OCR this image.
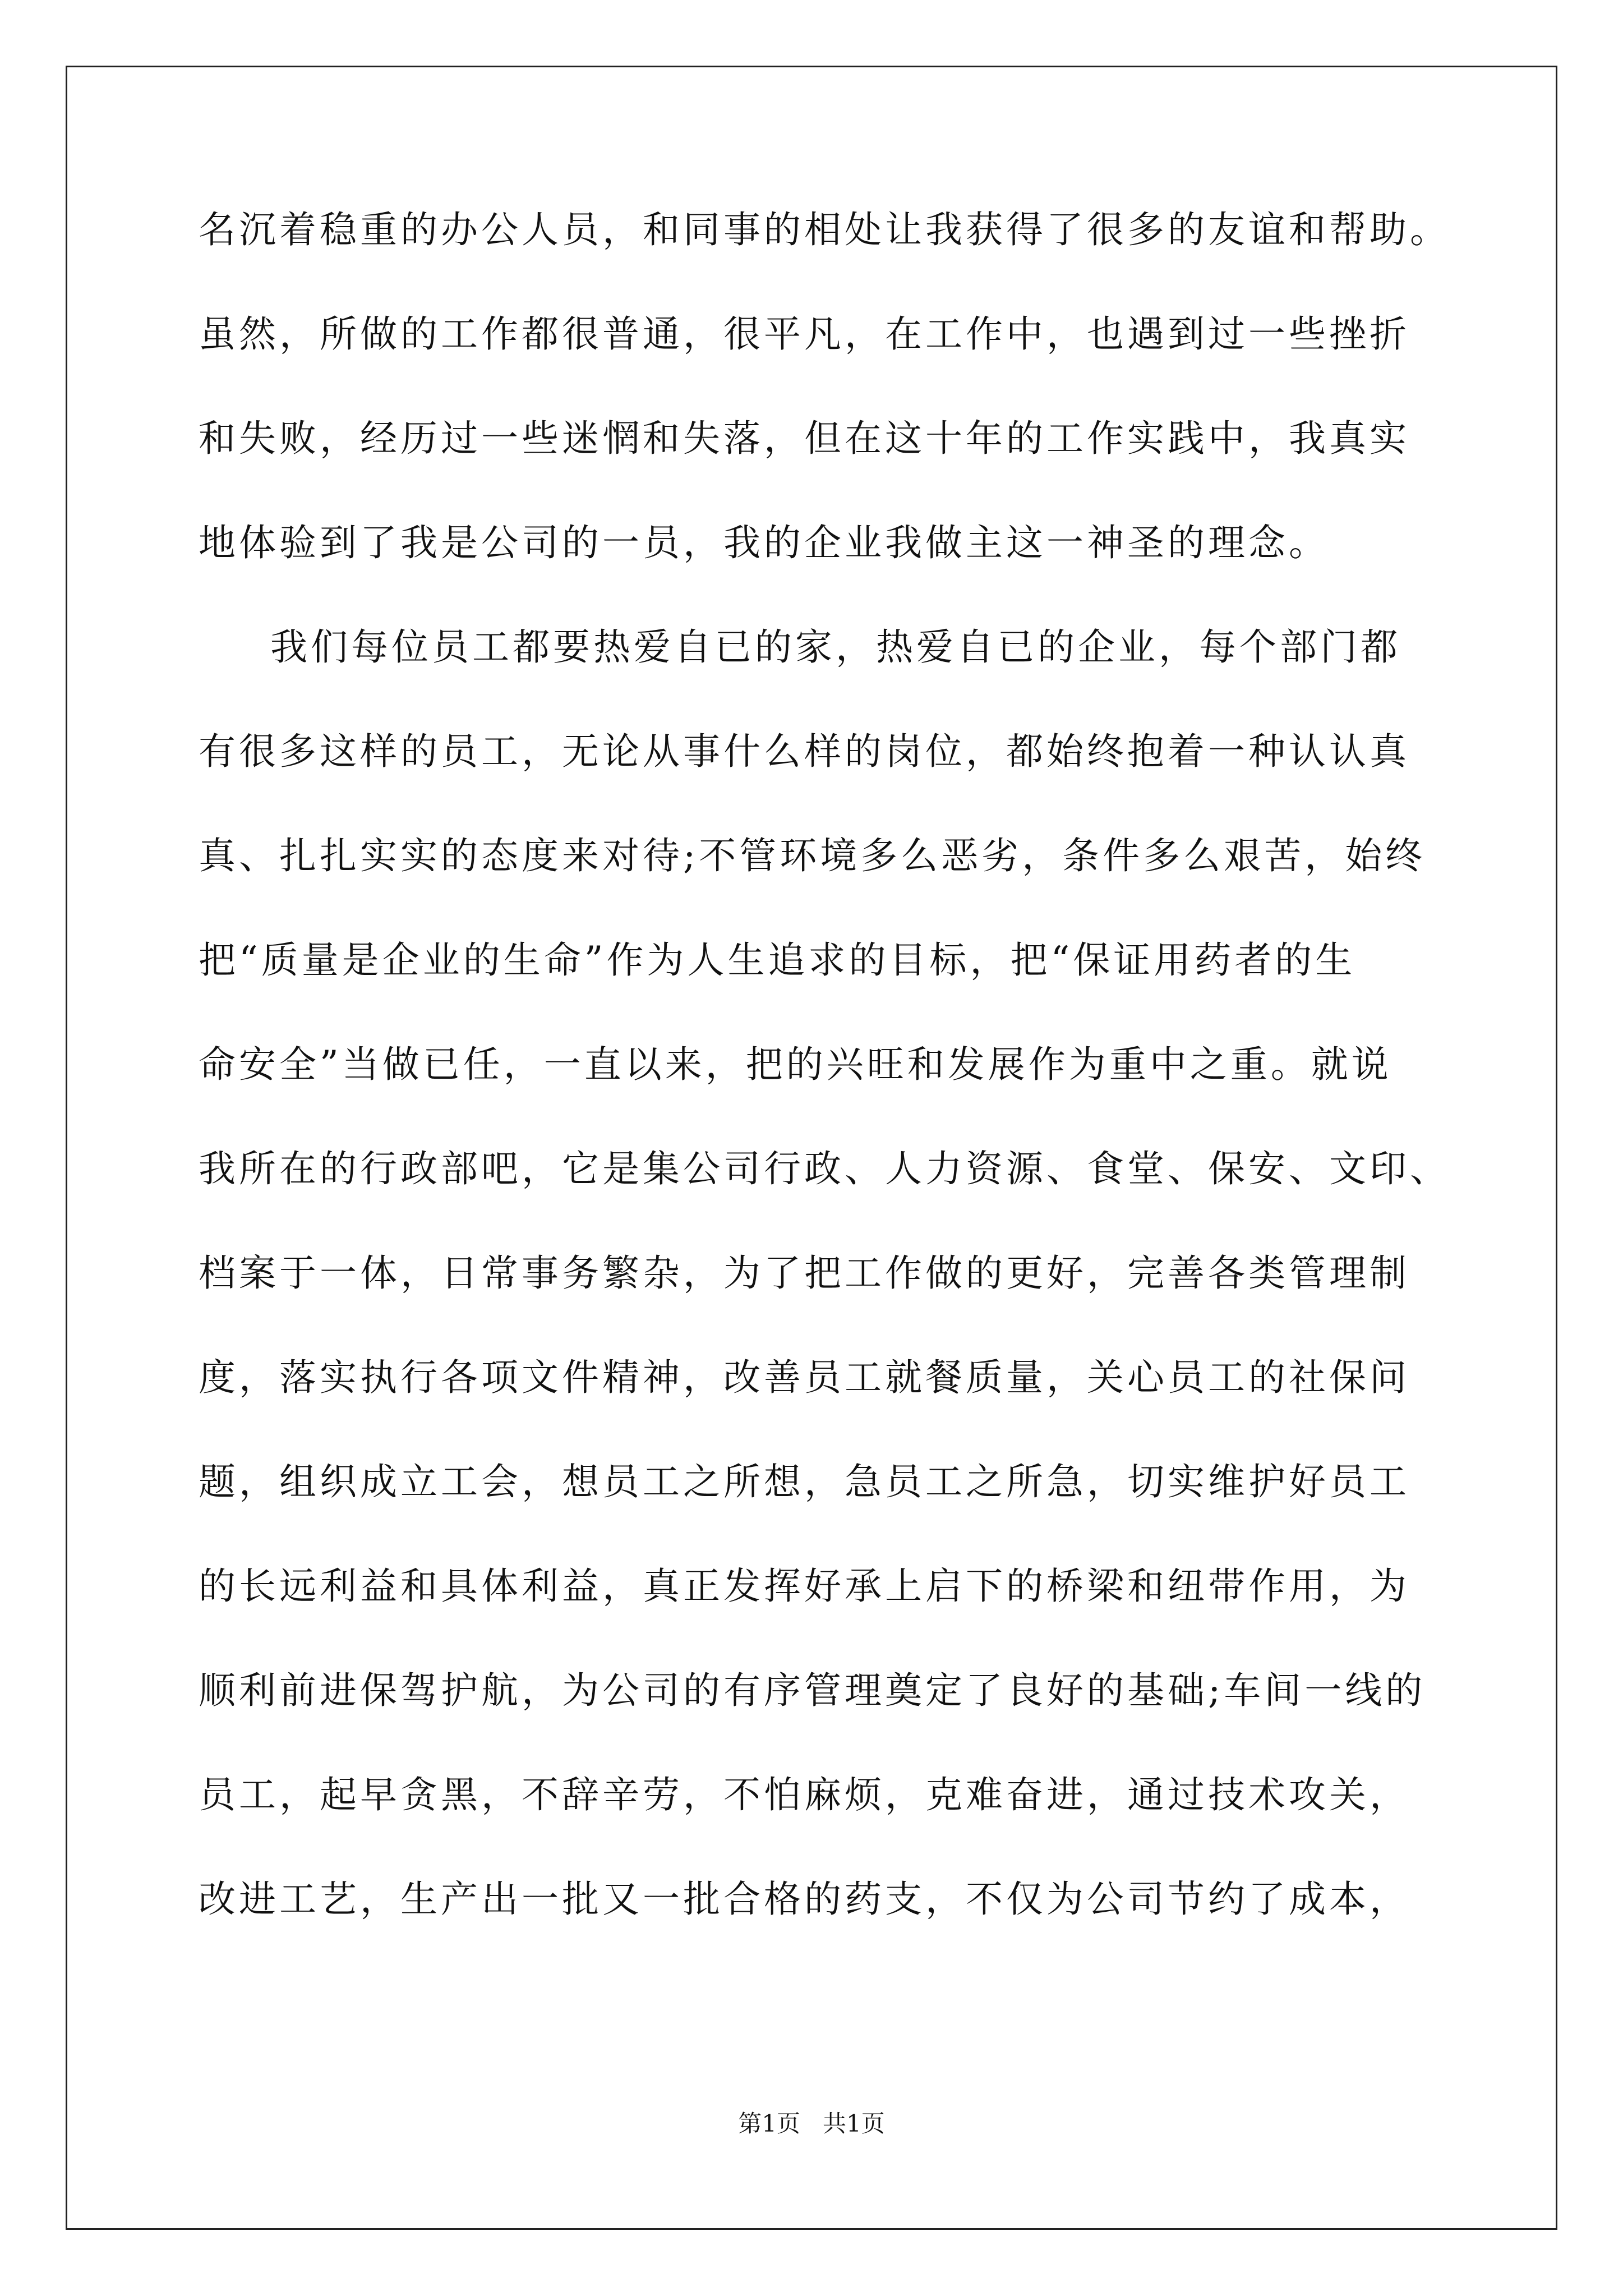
名沉着稳重的办公人员，和同事的相处让我获得了很多的友谊和帮助。
虽然，所做的工作都很普通，很平凡，在工作中，也遇到过一些挫折
和失败，经历过一些迷惘和失落，但在这十年的工作实践中，我真实
地体验到了我是公司的一员，我的企业我做主这一神圣的理念。
我们每位员工都要热爱自已的家，热爱自已的企业，每个部门都
有很多这样的员工，无论从事什么样的岗位，都始终抱着一种认认真
真、扎扎实实的态度来对待;不管环境多么恶劣，条件多么艰苦，始终
把“质量是企业的生命”作为人生追求的目标，把“保证用药者的生
命安全”当做已任，一直以来，把的兴旺和发展作为重中之重。就说
我所在的行政部吧，它是集公司行政、人力资源、食堂、保安、文印、
档案于一体，日常事务繁杂，为了把工作做的更好，完善各类管理制
度，落实执行各项文件精神，改善员工就餐质量，关心员工的社保问
题，组织成立工会，想员工之所想，急员工之所急，切实维护好员工
的长远利益和具体利益，真正发挥好承上启下的桥梁和纽带作用，为
顺利前进保驾护航，为公司的有序管理奠定了良好的基础;车间一线的
员工，起早贪黑，不辞辛劳，不怕麻烦，克难奋进，通过技术攻关，
改进工艺，生产出一批又一批合格的药支，不仅为公司节约了成本，
第1页 共1页
